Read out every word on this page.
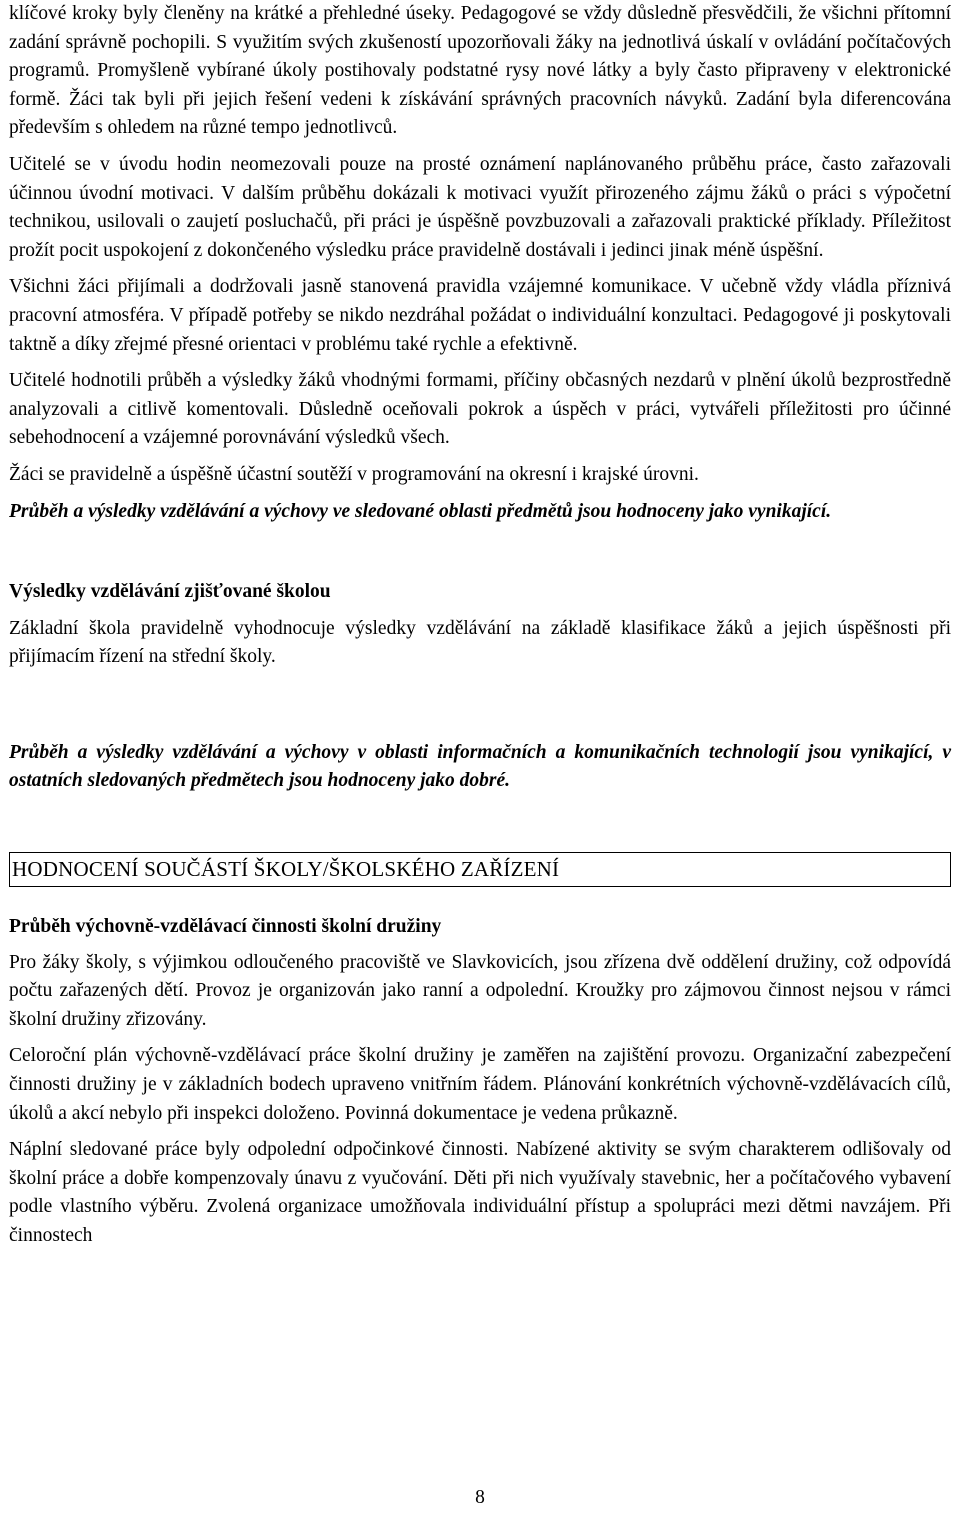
klíčové kroky byly členěny na krátké a přehledné úseky. Pedagogové se vždy důsledně přesvědčili, že všichni přítomní zadání správně pochopili. S využitím svých zkušeností upozorňovali žáky na jednotlivá úskalí v ovládání počítačových programů. Promyšleně vybírané úkoly postihovaly podstatné rysy nové látky a byly často připraveny v elektronické formě. Žáci tak byli při jejich řešení vedeni k získávání správných pracovních návyků. Zadání byla diferencována především s ohledem na různé tempo jednotlivců.

Učitelé se v úvodu hodin neomezovali pouze na prosté oznámení naplánovaného průběhu práce, často zařazovali účinnou úvodní motivaci. V dalším průběhu dokázali k motivaci využít přirozeného zájmu žáků o práci s výpočetní technikou, usilovali o zaujetí posluchačů, při práci je úspěšně povzbuzovali a zařazovali praktické příklady. Příležitost prožít pocit uspokojení z dokončeného výsledku práce pravidelně dostávali i jedinci jinak méně úspěšní.

Všichni žáci přijímali a dodržovali jasně stanovená pravidla vzájemné komunikace. V učebně vždy vládla příznivá pracovní atmosféra. V případě potřeby se nikdo nezdráhal požádat o individuální konzultaci. Pedagogové ji poskytovali taktně a díky zřejmé přesné orientaci v problému také rychle a efektivně.

Učitelé hodnotili průběh a výsledky žáků vhodnými formami, příčiny občasných nezdarů v plnění úkolů bezprostředně analyzovali a citlivě komentovali. Důsledně oceňovali pokrok a úspěch v práci, vytvářeli příležitosti pro účinné sebehodnocení a vzájemné porovnávání výsledků všech.

Žáci se pravidelně a úspěšně účastní soutěží v programování na okresní i krajské úrovni.

Průběh a výsledky vzdělávání a výchovy ve sledované oblasti předmětů jsou hodnoceny jako vynikající.

Výsledky vzdělávání zjišťované školou

Základní škola pravidelně vyhodnocuje výsledky vzdělávání na základě klasifikace žáků a jejich úspěšnosti při přijímacím řízení na střední školy.

Průběh a výsledky vzdělávání a výchovy v oblasti informačních a komunikačních technologií jsou vynikající, v ostatních sledovaných předmětech jsou hodnoceny jako dobré.

HODNOCENÍ SOUČÁSTÍ ŠKOLY/ŠKOLSKÉHO ZAŘÍZENÍ

Průběh výchovně-vzdělávací činnosti školní družiny

Pro žáky školy, s výjimkou odloučeného pracoviště ve Slavkovicích, jsou zřízena dvě oddělení družiny, což odpovídá počtu zařazených dětí. Provoz je organizován jako ranní a odpolední. Kroužky pro zájmovou činnost nejsou v rámci školní družiny zřizovány.

Celoroční plán výchovně-vzdělávací práce školní družiny je zaměřen na zajištění provozu. Organizační zabezpečení činnosti družiny je v základních bodech upraveno vnitřním řádem. Plánování konkrétních výchovně-vzdělávacích cílů, úkolů a akcí nebylo při inspekci doloženo. Povinná dokumentace je vedena průkazně.

Náplní sledované práce byly odpolední odpočinkové činnosti. Nabízené aktivity se svým charakterem odlišovaly od školní práce a dobře kompenzovaly únavu z vyučování. Děti při nich využívaly stavebnic, her a počítačového vybavení podle vlastního výběru. Zvolená organizace umožňovala individuální přístup a spolupráci mezi dětmi navzájem. Při činnostech

8
